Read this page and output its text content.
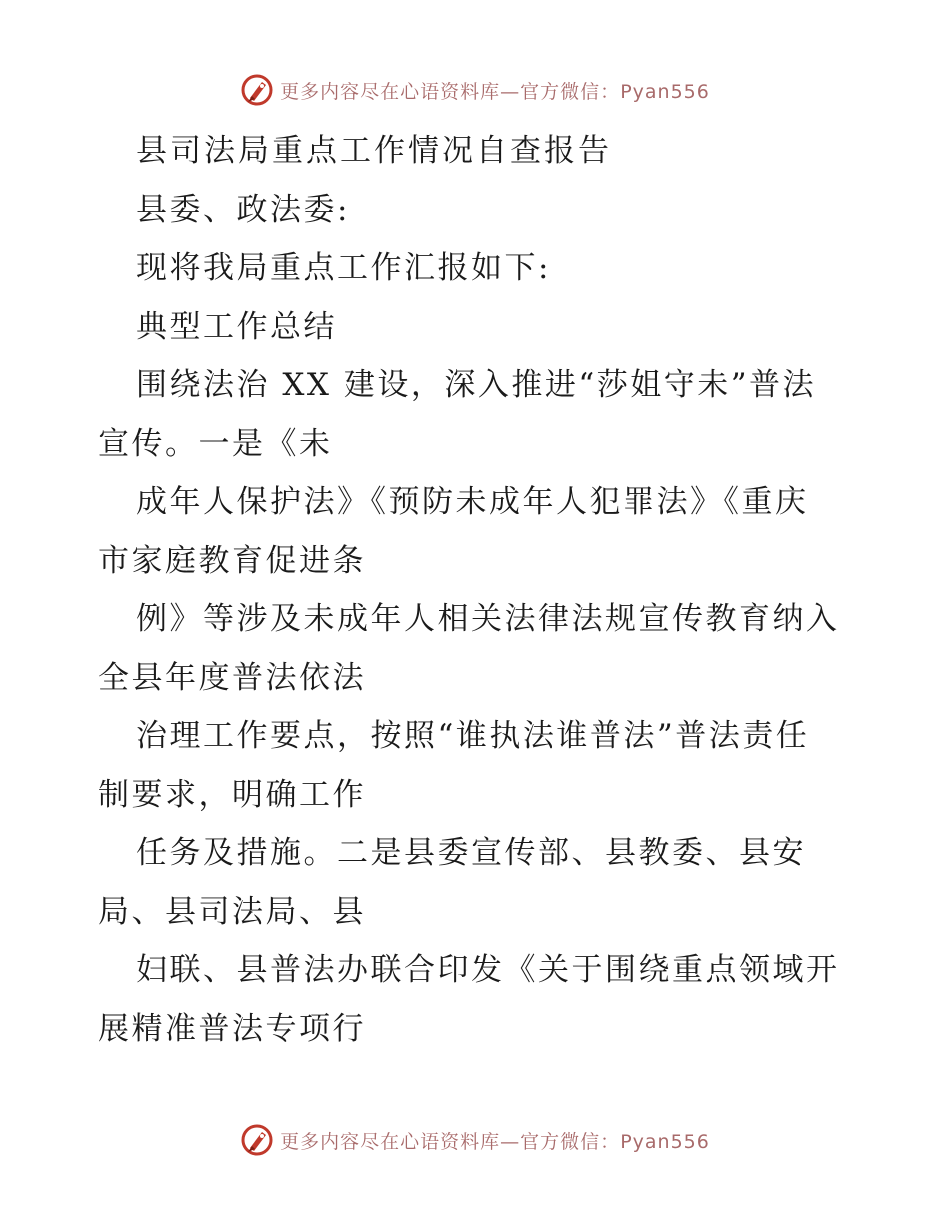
更多内容尽在心语资料库—官方微信：Pyan556
县司法局重点工作情况自查报告
县委、政法委:
现将我局重点工作汇报如下:
典型工作总结
围绕法治 XX 建设，深入推进“莎姐守未”普法
宣传。一是《未
成年人保护法》《预防未成年人犯罪法》《重庆
市家庭教育促进条
例》等涉及未成年人相关法律法规宣传教育纳入
全县年度普法依法
治理工作要点，按照“谁执法谁普法”普法责任
制要求，明确工作
任务及措施。二是县委宣传部、县教委、县安
局、县司法局、县
妇联、县普法办联合印发《关于围绕重点领域开
展精准普法专项行
更多内容尽在心语资料库—官方微信：Pyan556
